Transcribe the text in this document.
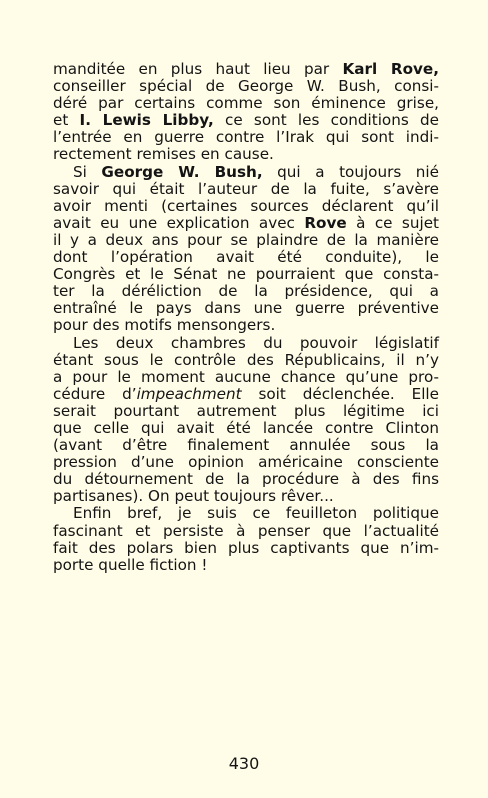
manditée en plus haut lieu par Karl Rove,
conseiller spécial de George W. Bush, consi-
déré par certains comme son éminence grise,
et I. Lewis Libby, ce sont les conditions de
l’entrée en guerre contre l’Irak qui sont indi-
rectement remises en cause.
Si George W. Bush, qui a toujours nié
savoir qui était l’auteur de la fuite, s’avère
avoir menti (certaines sources déclarent qu’il
avait eu une explication avec Rove à ce sujet
il y a deux ans pour se plaindre de la manière
dont l’opération avait été conduite), le
Congrès et le Sénat ne pourraient que consta-
ter la déréliction de la présidence, qui a
entraîné le pays dans une guerre préventive
pour des motifs mensongers.
Les deux chambres du pouvoir législatif
étant sous le contrôle des Républicains, il n’y
a pour le moment aucune chance qu’une pro-
cédure d’impeachment soit déclenchée. Elle
serait pourtant autrement plus légitime ici
que celle qui avait été lancée contre Clinton
(avant d’être finalement annulée sous la
pression d’une opinion américaine consciente
du détournement de la procédure à des fins
partisanes). On peut toujours rêver...
Enfin bref, je suis ce feuilleton politique
fascinant et persiste à penser que l’actualité
fait des polars bien plus captivants que n’im-
porte quelle fiction !
430
